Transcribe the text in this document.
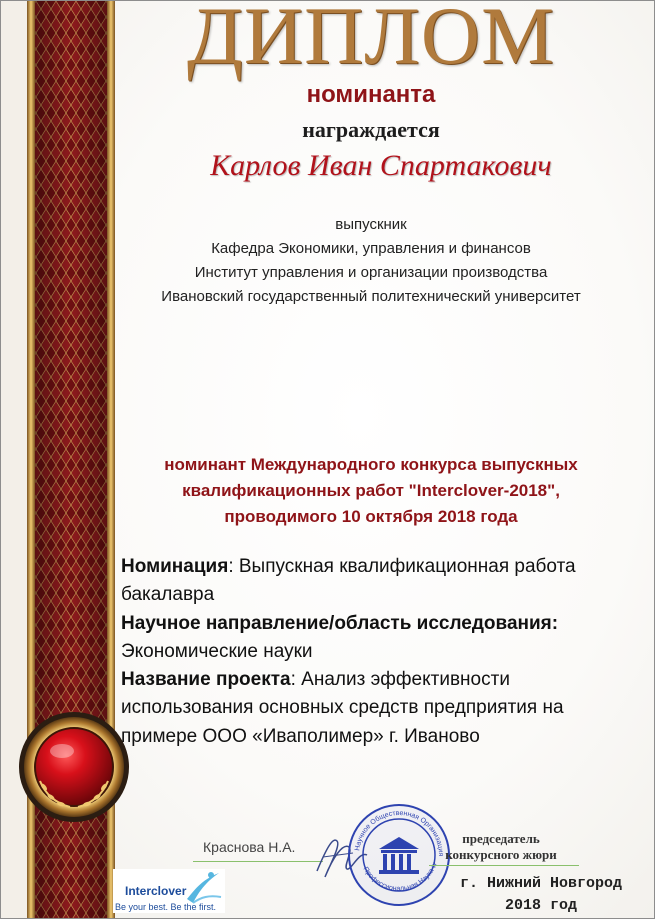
ДИПЛОМ
номинанта
награждается
Карлов Иван Спартакович
выпускник
Кафедра Экономики, управления и финансов
Институт управления и организации производства
Ивановский государственный политехнический университет
номинант Международного конкурса выпускных
квалификационных работ "Interclover-2018",
проводимого 10 октября 2018 года
Номинация: Выпускная квалификационная работа бакалавра
Научное направление/область исследования:
Экономические науки
Название проекта: Анализ эффективности использования основных средств предприятия на примере ООО «Иваполимер» г. Иваново
Краснова Н.А.	Научное Общественная Организация
Профессиональная Наука
председатель
конкурсного жюри
г. Нижний Новгород
2018 год
Interclover
Be your best. Be the first.
